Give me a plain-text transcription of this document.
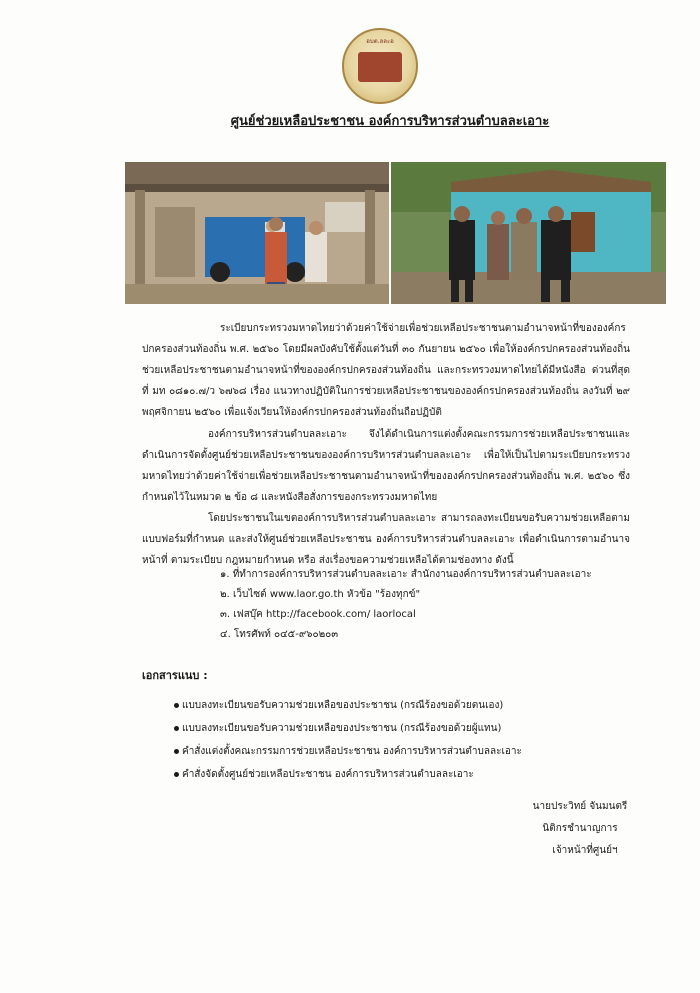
อบต.ลละอ
ศูนย์ช่วยเหลือประชาชน องค์การบริหารส่วนตำบลละเอาะ

ระเบียบกระทรวงมหาดไทยว่าด้วยค่าใช้จ่ายเพื่อช่วยเหลือประชาชนตามอำนาจหน้าที่ขององค์กรปกครองส่วนท้องถิ่น พ.ศ. ๒๕๖๐ โดยมีผลบังคับใช้ตั้งแต่วันที่ ๓๐ กันยายน ๒๕๖๐ เพื่อให้องค์กรปกครองส่วนท้องถิ่นช่วยเหลือประชาชนตามอำนาจหน้าที่ขององค์กรปกครองส่วนท้องถิ่น และกระทรวงมหาดไทยได้มีหนังสือ ด่วนที่สุด ที่ มท ๐๘๑๐.๗/ว ๖๗๖๘ เรื่อง แนวทางปฏิบัติในการช่วยเหลือประชาชนขององค์กรปกครองส่วนท้องถิ่น ลงวันที่ ๒๙ พฤศจิกายน ๒๕๖๐ เพื่อแจ้งเวียนให้องค์กรปกครองส่วนท้องถิ่นถือปฏิบัติ

องค์การบริหารส่วนตำบลละเอาะ จึงได้ดำเนินการแต่งตั้งคณะกรรมการช่วยเหลือประชาชนและดำเนินการจัดตั้งศูนย์ช่วยเหลือประชาชนขององค์การบริหารส่วนตำบลละเอาะ เพื่อให้เป็นไปตามระเบียบกระทรวงมหาดไทยว่าด้วยค่าใช้จ่ายเพื่อช่วยเหลือประชาชนตามอำนาจหน้าที่ขององค์กรปกครองส่วนท้องถิ่น พ.ศ. ๒๕๖๐ ซึ่งกำหนดไว้ในหมวด ๒ ข้อ ๘ และหนังสือสั่งการของกระทรวงมหาดไทย

โดยประชาชนในเขตองค์การบริหารส่วนตำบลละเอาะ สามารถลงทะเบียนขอรับความช่วยเหลือตามแบบฟอร์มที่กำหนด และส่งให้ศูนย์ช่วยเหลือประชาชน องค์การบริหารส่วนตำบลละเอาะ เพื่อดำเนินการตามอำนาจหน้าที่ ตามระเบียบ กฎหมายกำหนด หรือ ส่งเรื่องขอความช่วยเหลือได้ตามช่องทาง ดังนี้

๑. ที่ทำการองค์การบริหารส่วนตำบลละเอาะ สำนักงานองค์การบริหารส่วนตำบลละเอาะ

๒. เว็บไซต์ www.laor.go.th หัวข้อ "ร้องทุกข์"

๓. เฟสบุ๊ค http://facebook.com/ laorlocal

๔. โทรศัพท์ ๐๔๕-๙๖๐๒๐๓

เอกสารแนบ :

แบบลงทะเบียนขอรับความช่วยเหลือของประชาชน (กรณีร้องขอด้วยตนเอง)
แบบลงทะเบียนขอรับความช่วยเหลือของประชาชน (กรณีร้องขอด้วยผู้แทน)
คำสั่งแต่งตั้งคณะกรรมการช่วยเหลือประชาชน องค์การบริหารส่วนตำบลละเอาะ
คำสั่งจัดตั้งศูนย์ช่วยเหลือประชาชน องค์การบริหารส่วนตำบลละเอาะ
นายประวิทย์ จันมนตรี
นิติกรชำนาญการ
เจ้าหน้าที่ศูนย์ฯ
